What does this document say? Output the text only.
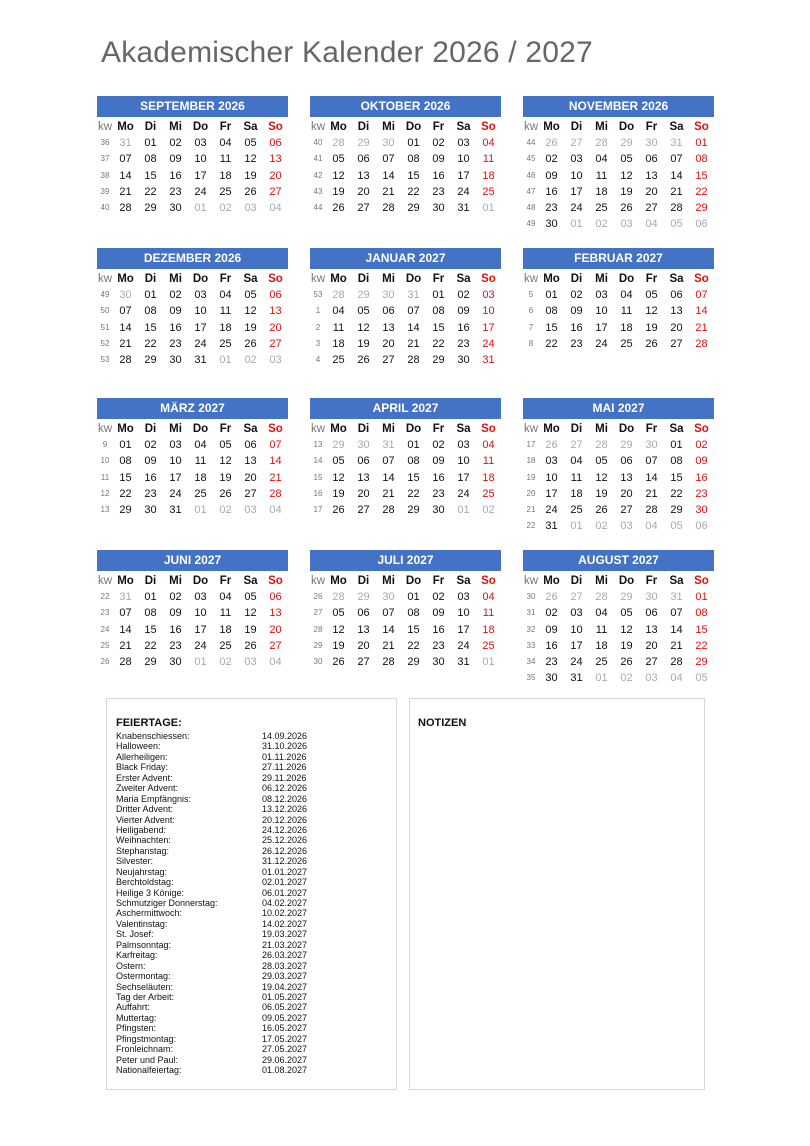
Akademischer Kalender 2026 / 2027
SEPTEMBER 2026
kw	Mo	Di	Mi	Do	Fr	Sa	So
36	31	01	02	03	04	05	06
37	07	08	09	10	11	12	13
38	14	15	16	17	18	19	20
39	21	22	23	24	25	26	27
40	28	29	30	01	02	03	04
OKTOBER 2026
kw	Mo	Di	Mi	Do	Fr	Sa	So
40	28	29	30	01	02	03	04
41	05	06	07	08	09	10	11
42	12	13	14	15	16	17	18
43	19	20	21	22	23	24	25
44	26	27	28	29	30	31	01
NOVEMBER 2026
kw	Mo	Di	Mi	Do	Fr	Sa	So
44	26	27	28	29	30	31	01
45	02	03	04	05	06	07	08
46	09	10	11	12	13	14	15
47	16	17	18	19	20	21	22
48	23	24	25	26	27	28	29
49	30	01	02	03	04	05	06
DEZEMBER 2026
kw	Mo	Di	Mi	Do	Fr	Sa	So
49	30	01	02	03	04	05	06
50	07	08	09	10	11	12	13
51	14	15	16	17	18	19	20
52	21	22	23	24	25	26	27
53	28	29	30	31	01	02	03
JANUAR 2027
kw	Mo	Di	Mi	Do	Fr	Sa	So
53	28	29	30	31	01	02	03
1	04	05	06	07	08	09	10
2	11	12	13	14	15	16	17
3	18	19	20	21	22	23	24
4	25	26	27	28	29	30	31
FEBRUAR 2027
kw	Mo	Di	Mi	Do	Fr	Sa	So
5	01	02	03	04	05	06	07
6	08	09	10	11	12	13	14
7	15	16	17	18	19	20	21
8	22	23	24	25	26	27	28
MÄRZ 2027
kw	Mo	Di	Mi	Do	Fr	Sa	So
9	01	02	03	04	05	06	07
10	08	09	10	11	12	13	14
11	15	16	17	18	19	20	21
12	22	23	24	25	26	27	28
13	29	30	31	01	02	03	04
APRIL 2027
kw	Mo	Di	Mi	Do	Fr	Sa	So
13	29	30	31	01	02	03	04
14	05	06	07	08	09	10	11
15	12	13	14	15	16	17	18
16	19	20	21	22	23	24	25
17	26	27	28	29	30	01	02
MAI 2027
kw	Mo	Di	Mi	Do	Fr	Sa	So
17	26	27	28	29	30	01	02
18	03	04	05	06	07	08	09
19	10	11	12	13	14	15	16
20	17	18	19	20	21	22	23
21	24	25	26	27	28	29	30
22	31	01	02	03	04	05	06
JUNI 2027
kw	Mo	Di	Mi	Do	Fr	Sa	So
22	31	01	02	03	04	05	06
23	07	08	09	10	11	12	13
24	14	15	16	17	18	19	20
25	21	22	23	24	25	26	27
26	28	29	30	01	02	03	04
JULI 2027
kw	Mo	Di	Mi	Do	Fr	Sa	So
26	28	29	30	01	02	03	04
27	05	06	07	08	09	10	11
28	12	13	14	15	16	17	18
29	19	20	21	22	23	24	25
30	26	27	28	29	30	31	01
AUGUST 2027
kw	Mo	Di	Mi	Do	Fr	Sa	So
30	26	27	28	29	30	31	01
31	02	03	04	05	06	07	08
32	09	10	11	12	13	14	15
33	16	17	18	19	20	21	22
34	23	24	25	26	27	28	29
35	30	31	01	02	03	04	05
FEIERTAGE:
Knabenschiessen:	14.09.2026
Halloween:	31.10.2026
Allerheiligen:	01.11.2026
Black Friday:	27.11.2026
Erster Advent:	29.11.2026
Zweiter Advent:	06.12.2026
Maria Empfängnis:	08.12.2026
Dritter Advent:	13.12.2026
Vierter Advent:	20.12.2026
Heiligabend:	24.12.2026
Weihnachten:	25.12.2026
Stephanstag:	26.12.2026
Silvester:	31.12.2026
Neujahrstag:	01.01.2027
Berchtoldstag:	02.01.2027
Heilige 3 Könige:	06.01.2027
Schmutziger Donnerstag:	04.02.2027
Aschermittwoch:	10.02.2027
Valentinstag:	14.02.2027
St. Josef:	19.03.2027
Palmsonntag:	21.03.2027
Karfreitag:	26.03.2027
Ostern:	28.03.2027
Ostermontag:	29.03.2027
Sechseläuten:	19.04.2027
Tag der Arbeit:	01.05.2027
Auffahrt:	06.05.2027
Muttertag:	09.05.2027
Pfingsten:	16.05.2027
Pfingstmontag:	17.05.2027
Fronleichnam:	27.05.2027
Peter und Paul:	29.06.2027
Nationalfeiertag:	01.08.2027
NOTIZEN
